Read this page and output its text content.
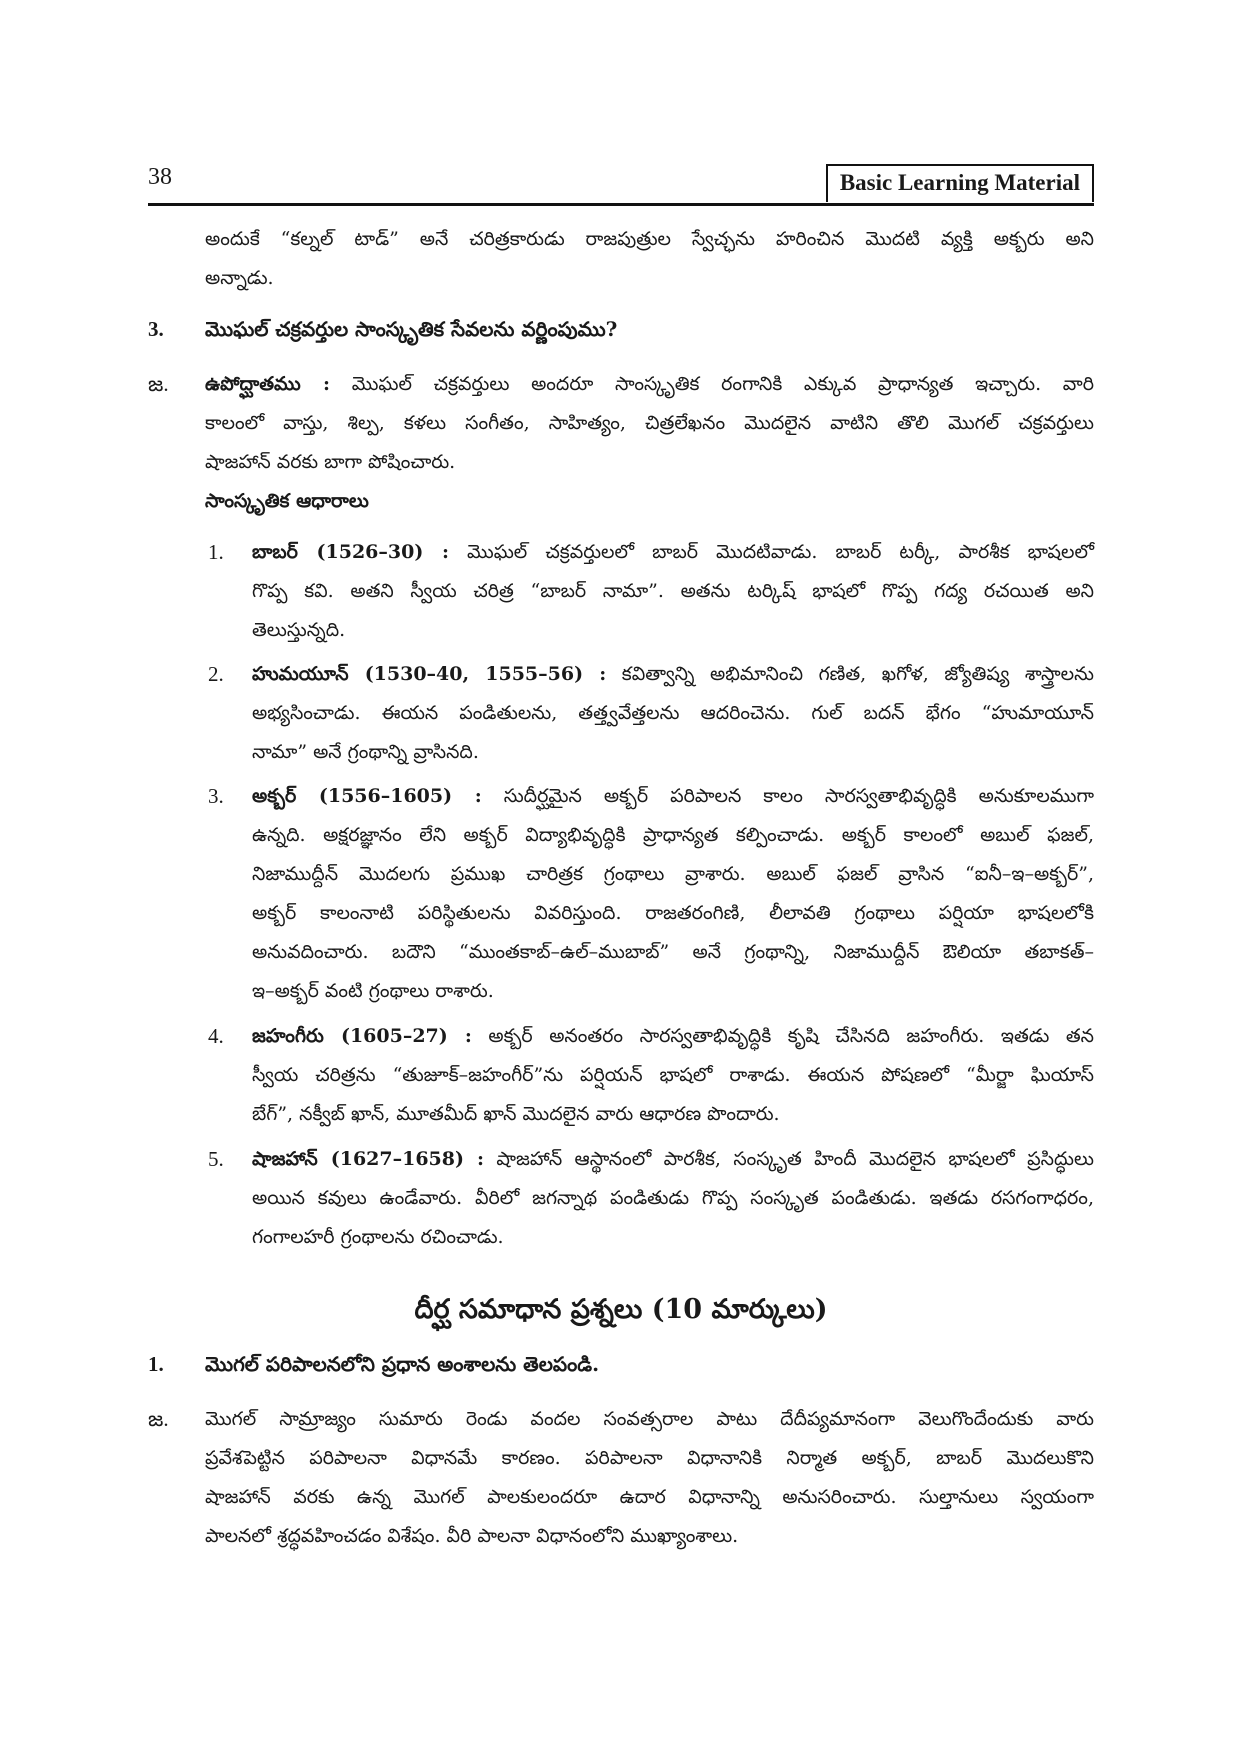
38	Basic Learning Material
అందుకే “కల్నల్ టాడ్” అనే చరిత్రకారుడు రాజపుత్రుల స్వేచ్ఛను హరించిన మొదటి వ్యక్తి అక్బరు అని
అన్నాడు.
3. మొఘల్ చక్రవర్తుల సాంస్కృతిక సేవలను వర్ణింపుము?
జ. ఉపోద్ఘాతము : మొఘల్ చక్రవర్తులు అందరూ సాంస్కృతిక రంగానికి ఎక్కువ ప్రాధాన్యత ఇచ్చారు. వారి
కాలంలో వాస్తు, శిల్ప, కళలు సంగీతం, సాహిత్యం, చిత్రలేఖనం మొదలైన వాటిని తొలి మొగల్ చక్రవర్తులు
షాజహాన్ వరకు బాగా పోషించారు.
సాంస్కృతిక ఆధారాలు
1. బాబర్ (1526–30) : మొఘల్ చక్రవర్తులలో బాబర్ మొదటివాడు. బాబర్ టర్కీ, పారశీక భాషలలో
గొప్ప కవి. అతని స్వీయ చరిత్ర “బాబర్ నామా”. అతను టర్కిష్ భాషలో గొప్ప గద్య రచయిత అని
తెలుస్తున్నది.
2. హుమయూన్ (1530–40, 1555–56) : కవిత్వాన్ని అభిమానించి గణిత, ఖగోళ, జ్యోతిష్య శాస్త్రాలను
అభ్యసించాడు. ఈయన పండితులను, తత్త్వవేత్తలను ఆదరించెను. గుల్ బదన్ భేగం “హుమాయూన్
నామా” అనే గ్రంథాన్ని వ్రాసినది.
3. అక్బర్ (1556–1605) : సుదీర్ఘమైన అక్బర్ పరిపాలన కాలం సారస్వతాభివృద్ధికి అనుకూలముగా
ఉన్నది. అక్షరజ్ఞానం లేని అక్బర్ విద్యాభివృద్ధికి ప్రాధాన్యత కల్పించాడు. అక్బర్ కాలంలో అబుల్ ఫజల్,
నిజాముద్దీన్ మొదలగు ప్రముఖ చారిత్రక గ్రంథాలు వ్రాశారు. అబుల్ ఫజల్ వ్రాసిన “ఐనీ–ఇ–అక్బర్”,
అక్బర్ కాలంనాటి పరిస్థితులను వివరిస్తుంది. రాజతరంగిణి, లీలావతి గ్రంథాలు పర్షియా భాషలలోకి
అనువదించారు. బదౌని “ముంతకాబ్–ఉల్–ముబాబ్” అనే గ్రంథాన్ని, నిజాముద్దీన్ ఔలియా తబాకత్–
ఇ–అక్బర్ వంటి గ్రంథాలు రాశారు.
4. జహంగీరు (1605–27) : అక్బర్ అనంతరం సారస్వతాభివృద్ధికి కృషి చేసినది జహంగీరు. ఇతడు తన
స్వీయ చరిత్రను “తుజూక్–జహంగీర్”ను పర్షియన్ భాషలో రాశాడు. ఈయన పోషణలో “మీర్జా ఘియాస్
బేగ్”, నక్వీబ్ ఖాన్, మూతమీద్ ఖాన్ మొదలైన వారు ఆధారణ పొందారు.
5. షాజహాన్ (1627–1658) : షాజహాన్ ఆస్థానంలో పారశీక, సంస్కృత హిందీ మొదలైన భాషలలో ప్రసిద్ధులు
అయిన కవులు ఉండేవారు. వీరిలో జగన్నాథ పండితుడు గొప్ప సంస్కృత పండితుడు. ఇతడు రసగంగాధరం,
గంగాలహరీ గ్రంథాలను రచించాడు.
దీర్ఘ సమాధాన ప్రశ్నలు (10 మార్కులు)
1. మొగల్ పరిపాలనలోని ప్రధాన అంశాలను తెలపండి.
జ. మొగల్ సామ్రాజ్యం సుమారు రెండు వందల సంవత్సరాల పాటు దేదీప్యమానంగా వెలుగొందేందుకు వారు
ప్రవేశపెట్టిన పరిపాలనా విధానమే కారణం. పరిపాలనా విధానానికి నిర్మాత అక్బర్, బాబర్ మొదలుకొని
షాజహాన్ వరకు ఉన్న మొగల్ పాలకులందరూ ఉదార విధానాన్ని అనుసరించారు. సుల్తానులు స్వయంగా
పాలనలో శ్రద్ధవహించడం విశేషం. వీరి పాలనా విధానంలోని ముఖ్యాంశాలు.
